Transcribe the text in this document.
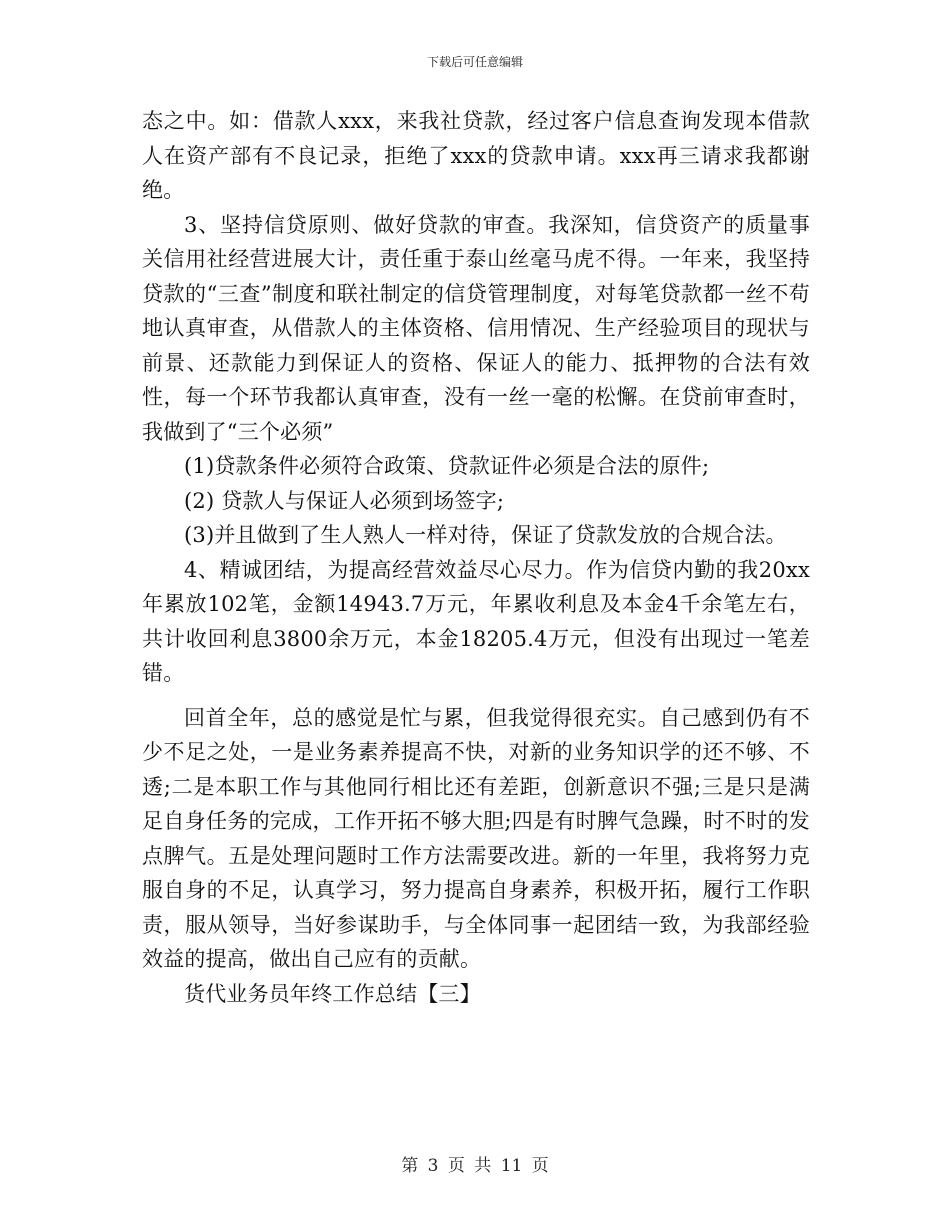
下载后可任意编辑

态之中。如：借款人xxx，来我社贷款，经过客户信息查询发现本借款人在资产部有不良记录，拒绝了xxx的贷款申请。xxx再三请求我都谢绝。

3、坚持信贷原则、做好贷款的审查。我深知，信贷资产的质量事关信用社经营进展大计，责任重于泰山丝毫马虎不得。一年来，我坚持贷款的“三查”制度和联社制定的信贷管理制度，对每笔贷款都一丝不苟地认真审查，从借款人的主体资格、信用情况、生产经验项目的现状与前景、还款能力到保证人的资格、保证人的能力、抵押物的合法有效性，每一个环节我都认真审查，没有一丝一毫的松懈。在贷前审查时，我做到了“三个必须”

(1)贷款条件必须符合政策、贷款证件必须是合法的原件;

(2) 贷款人与保证人必须到场签字;

(3)并且做到了生人熟人一样对待，保证了贷款发放的合规合法。

4、精诚团结，为提高经营效益尽心尽力。作为信贷内勤的我20xx年累放102笔，金额14943.7万元，年累收利息及本金4千余笔左右，共计收回利息3800余万元，本金18205.4万元，但没有出现过一笔差错。

回首全年，总的感觉是忙与累，但我觉得很充实。自己感到仍有不少不足之处，一是业务素养提高不快，对新的业务知识学的还不够、不透;二是本职工作与其他同行相比还有差距，创新意识不强;三是只是满足自身任务的完成，工作开拓不够大胆;四是有时脾气急躁，时不时的发点脾气。五是处理问题时工作方法需要改进。新的一年里，我将努力克服自身的不足，认真学习，努力提高自身素养，积极开拓，履行工作职责，服从领导，当好参谋助手，与全体同事一起团结一致，为我部经验效益的提高，做出自己应有的贡献。

货代业务员年终工作总结【三】

第 3 页 共 11 页
